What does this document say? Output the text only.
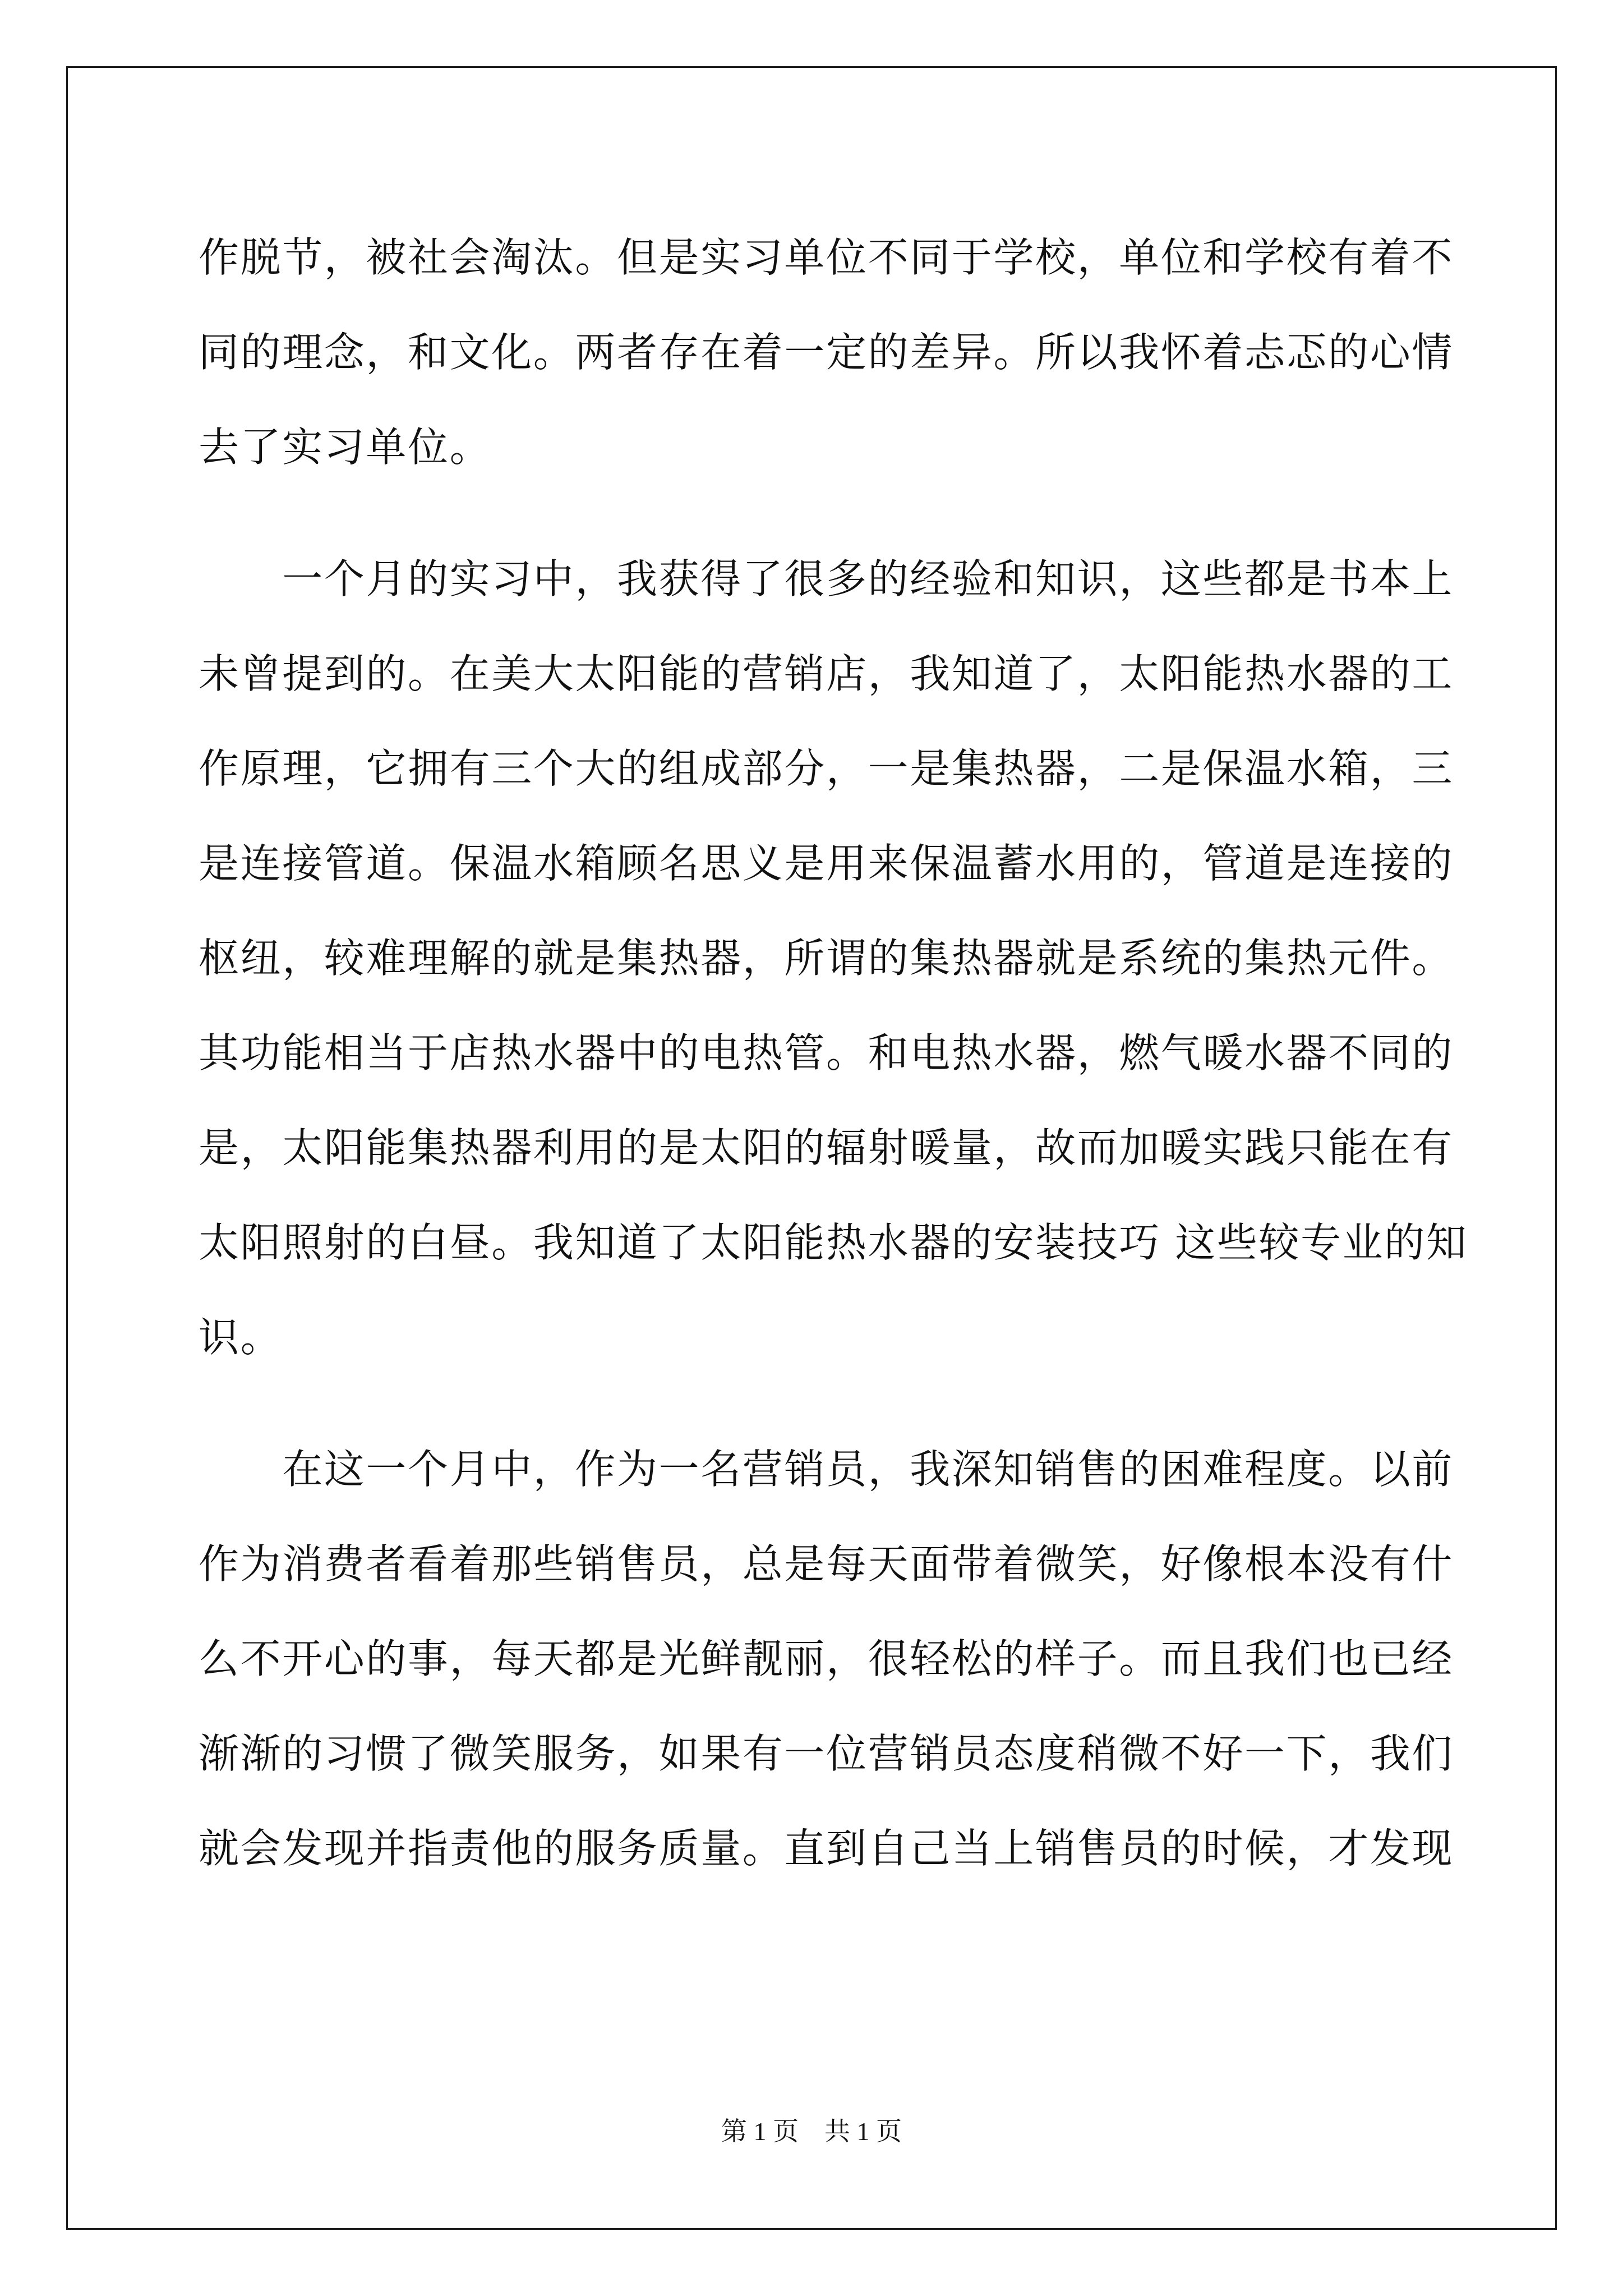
作脱节，被社会淘汰。但是实习单位不同于学校，单位和学校有着不
同的理念，和文化。两者存在着一定的差异。所以我怀着忐忑的心情
去了实习单位。
　　一个月的实习中，我获得了很多的经验和知识，这些都是书本上
未曾提到的。在美大太阳能的营销店，我知道了，太阳能热水器的工
作原理，它拥有三个大的组成部分，一是集热器，二是保温水箱，三
是连接管道。保温水箱顾名思义是用来保温蓄水用的，管道是连接的
枢纽，较难理解的就是集热器，所谓的集热器就是系统的集热元件。
其功能相当于店热水器中的电热管。和电热水器，燃气暖水器不同的
是，太阳能集热器利用的是太阳的辐射暖量，故而加暖实践只能在有
太阳照射的白昼。我知道了太阳能热水器的安装技巧 这些较专业的知
识。
　　在这一个月中，作为一名营销员，我深知销售的困难程度。以前
作为消费者看着那些销售员，总是每天面带着微笑，好像根本没有什
么不开心的事，每天都是光鲜靓丽，很轻松的样子。而且我们也已经
渐渐的习惯了微笑服务，如果有一位营销员态度稍微不好一下，我们
就会发现并指责他的服务质量。直到自己当上销售员的时候，才发现
第 1 页　共 1 页
